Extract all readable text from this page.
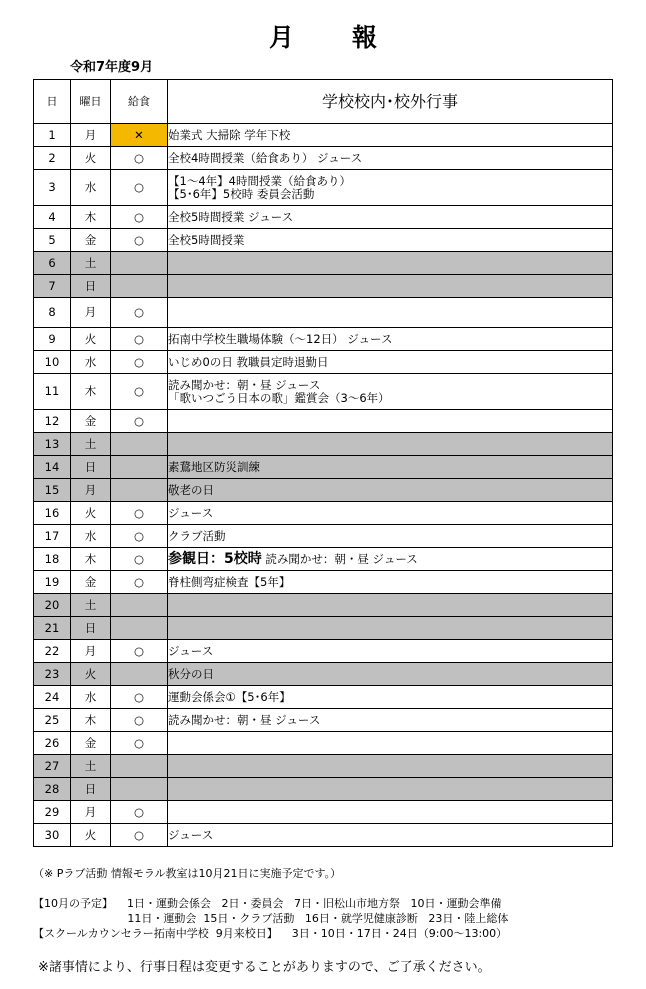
月報
令和7年度9月
日	曜日	給食	学校校内･校外行事
1	月	✕	始業式 大掃除 学年下校
2	火	○	全校4時間授業（給食あり） ジュース
3	水	○	【1～4年】4時間授業（給食あり）
【5･6年】5校時 委員会活動
4	木	○	全校5時間授業 ジュース
5	金	○	全校5時間授業
6	土		
7	日		
8	月	○	
9	火	○	拓南中学校生職場体験（～12日） ジュース
10	水	○	いじめ0の日 教職員定時退勤日
11	木	○	読み聞かせ：朝・昼 ジュース
「歌いつごう日本の歌」鑑賞会（3～6年）
12	金	○	
13	土		
14	日		素鵞地区防災訓練
15	月		敬老の日
16	火	○	ジュース
17	水	○	クラブ活動
18	木	○	参観日：5校時 読み聞かせ：朝・昼 ジュース
19	金	○	脊柱側弯症検査【5年】
20	土		
21	日		
22	月	○	ジュース
23	火		秋分の日
24	水	○	運動会係会①【5･6年】
25	木	○	読み聞かせ：朝・昼 ジュース
26	金	○	
27	土		
28	日		
29	月	○	
30	火	○	ジュース
（※ Pラブ活動 情報モラル教室は10月21日に実施予定です。）
【10月の予定】    1日・運動会係会   2日・委員会   7日・旧松山市地方祭   10日・運動会準備
11日・運動会  15日・クラブ活動   16日・就学児健康診断   23日・陸上総体
【スクールカウンセラー拓南中学校  9月来校日】    3日・10日・17日・24日（9:00～13:00）
※諸事情により、行事日程は変更することがありますので、ご了承ください。
